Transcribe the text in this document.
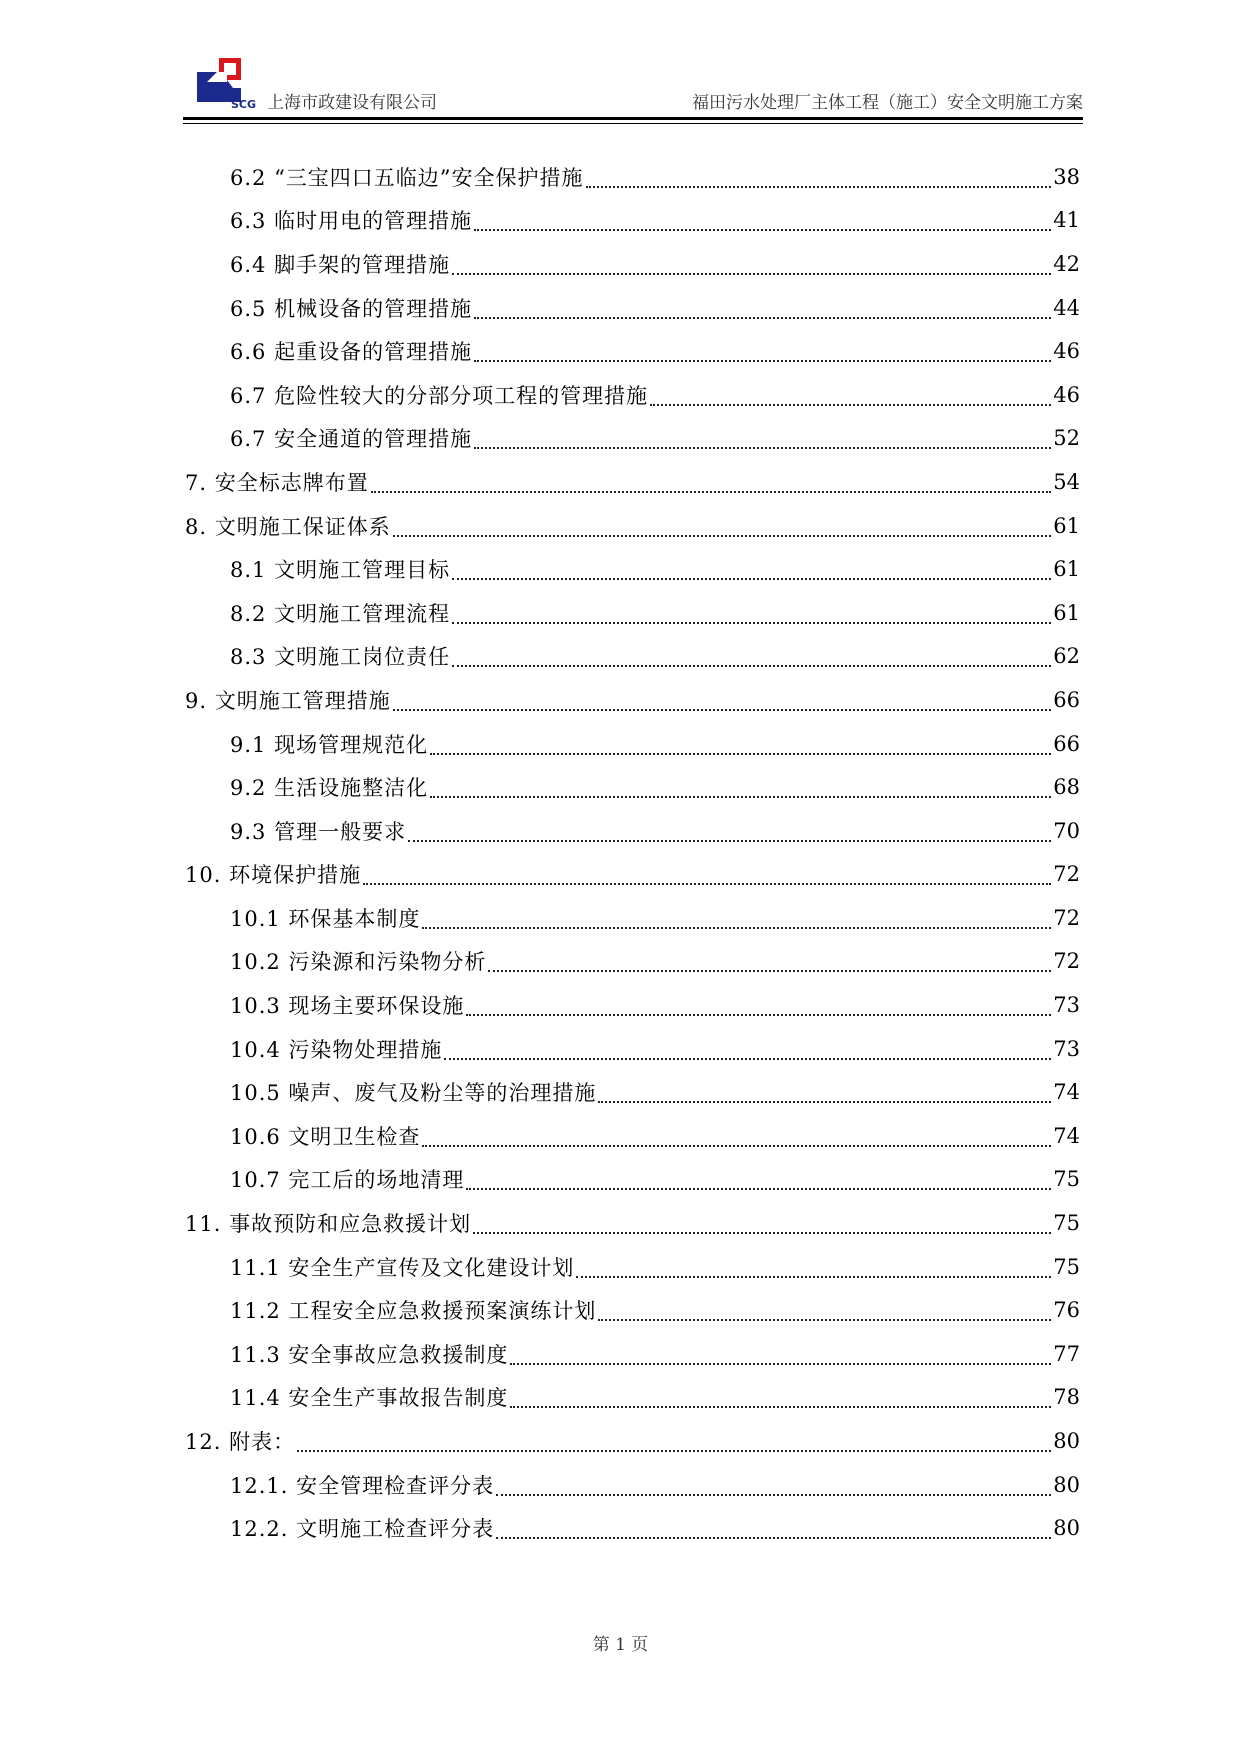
SCG 上海市政建设有限公司	福田污水处理厂主体工程（施工）安全文明施工方案
6.2 “三宝四口五临边”安全保护措施	38
6.3 临时用电的管理措施	41
6.4 脚手架的管理措施	42
6.5 机械设备的管理措施	44
6.6 起重设备的管理措施	46
6.7 危险性较大的分部分项工程的管理措施	46
6.7 安全通道的管理措施	52
7. 安全标志牌布置	54
8. 文明施工保证体系	61
8.1 文明施工管理目标	61
8.2 文明施工管理流程	61
8.3 文明施工岗位责任	62
9. 文明施工管理措施	66
9.1 现场管理规范化	66
9.2 生活设施整洁化	68
9.3 管理一般要求	70
10. 环境保护措施	72
10.1 环保基本制度	72
10.2 污染源和污染物分析	72
10.3 现场主要环保设施	73
10.4 污染物处理措施	73
10.5 噪声、废气及粉尘等的治理措施	74
10.6 文明卫生检查	74
10.7 完工后的场地清理	75
11. 事故预防和应急救援计划	75
11.1 安全生产宣传及文化建设计划	75
11.2 工程安全应急救援预案演练计划	76
11.3 安全事故应急救援制度	77
11.4 安全生产事故报告制度	78
12. 附表：	80
12.1. 安全管理检查评分表	80
12.2. 文明施工检查评分表	80
第 1 页
